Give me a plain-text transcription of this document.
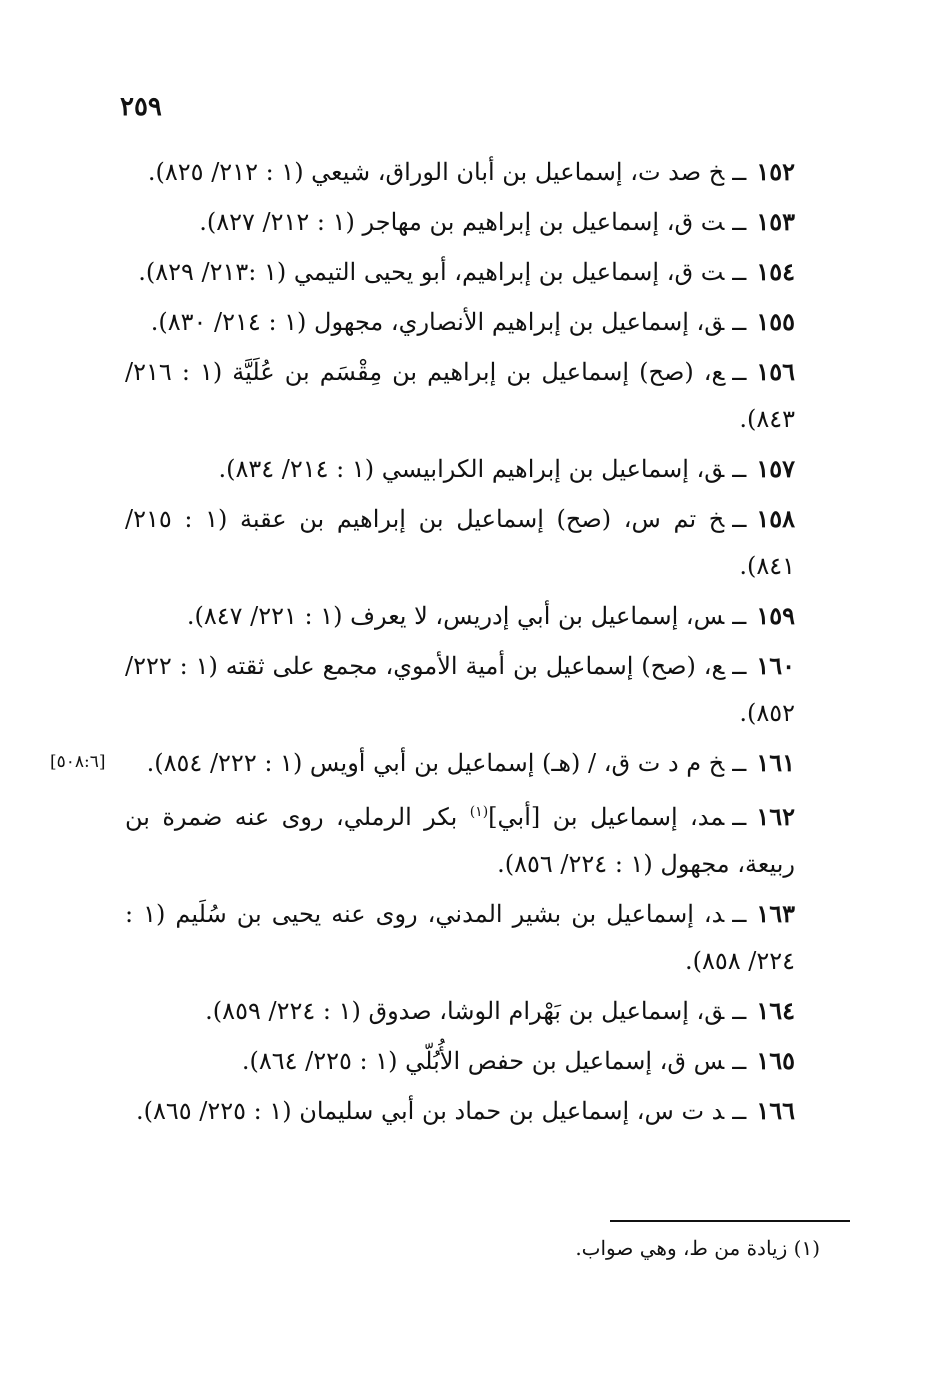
٢٥٩
١٥٢ــخ صد ت، إسماعيل بن أبان الوراق، شيعي (١ : ٢١٢/ ٨٢٥).
١٥٣ــت ق، إسماعيل بن إبراهيم بن مهاجر (١ : ٢١٢/ ٨٢٧).
١٥٤ــت ق، إسماعيل بن إبراهيم، أبو يحيى التيمي (١ :٢١٣/ ٨٢٩).
١٥٥ــق، إسماعيل بن إبراهيم الأنصاري، مجهول (١ : ٢١٤/ ٨٣٠).
١٥٦ــع، (صح) إسماعيل بن إبراهيم بن مِقْسَم بن عُلَيَّة (١ : ٢١٦/ ٨٤٣).
١٥٧ــق، إسماعيل بن إبراهيم الكرابيسي (١ : ٢١٤/ ٨٣٤).
١٥٨ــخ تم س، (صح) إسماعيل بن إبراهيم بن عقبة (١ : ٢١٥/ ٨٤١).
١٥٩ــس، إسماعيل بن أبي إدريس، لا يعرف (١ : ٢٢١/ ٨٤٧).
١٦٠ــع، (صح) إسماعيل بن أمية الأموي، مجمع على ثقته (١ : ٢٢٢/ ٨٥٢).
١٦١ــخ م د ت ق، / (هـ) إسماعيل بن أبي أويس (١ : ٢٢٢/ ٨٥٤).
[٥٠٨:٦]
١٦٢ــمد، إسماعيل بن [أبي]$^{(١)}$ بكر الرملي، روى عنه ضمرة بن ربيعة، مجهول (١ : ٢٢٤/ ٨٥٦).
١٦٣ــد، إسماعيل بن بشير المدني، روى عنه يحيى بن سُلَيم (١ : ٢٢٤/ ٨٥٨).
١٦٤ــق، إسماعيل بن بَهْرام الوشا، صدوق (١ : ٢٢٤/ ٨٥٩).
١٦٥ــس ق، إسماعيل بن حفص الأُبُلّي (١ : ٢٢٥/ ٨٦٤).
١٦٦ــد ت س، إسماعيل بن حماد بن أبي سليمان (١ : ٢٢٥/ ٨٦٥).
(١) زيادة من ط، وهي صواب.
